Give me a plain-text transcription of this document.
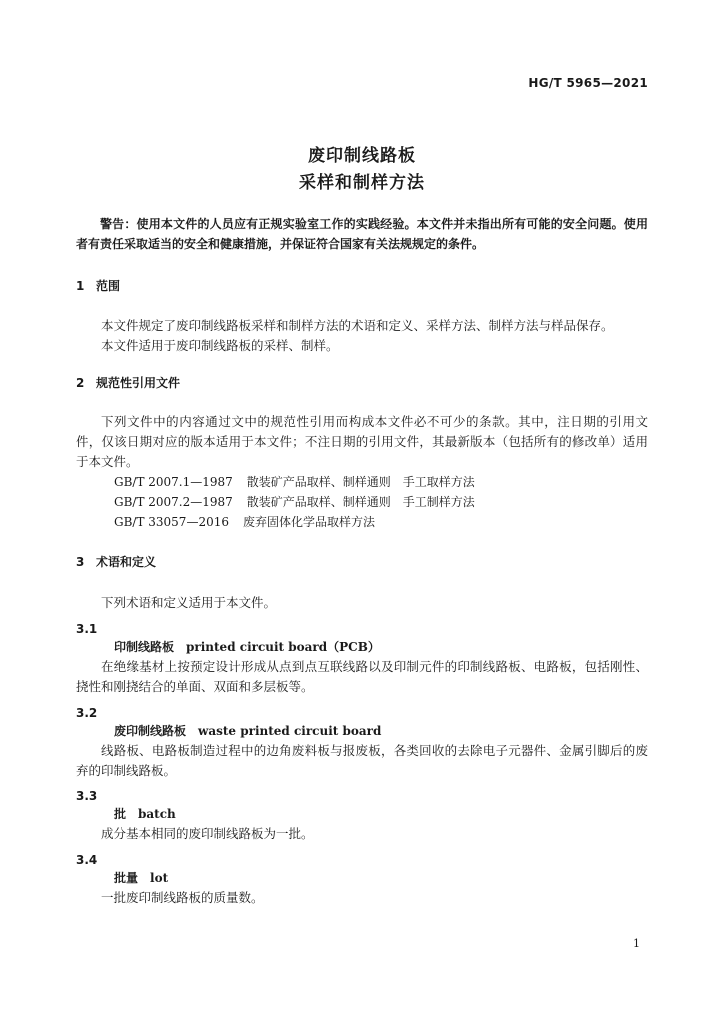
HG/T 5965—2021
废印制线路板
采样和制样方法
警告：使用本文件的人员应有正规实验室工作的实践经验。本文件并未指出所有可能的安全问题。使用者有责任采取适当的安全和健康措施，并保证符合国家有关法规规定的条件。
1 范围
本文件规定了废印制线路板采样和制样方法的术语和定义、采样方法、制样方法与样品保存。
本文件适用于废印制线路板的采样、制样。
2 规范性引用文件
下列文件中的内容通过文中的规范性引用而构成本文件必不可少的条款。其中，注日期的引用文件，仅该日期对应的版本适用于本文件；不注日期的引用文件，其最新版本（包括所有的修改单）适用于本文件。
GB/T 2007.1—1987 散装矿产品取样、制样通则　手工取样方法
GB/T 2007.2—1987 散装矿产品取样、制样通则　手工制样方法
GB/T 33057—2016 废弃固体化学品取样方法
3 术语和定义
下列术语和定义适用于本文件。
3.1
印制线路板 printed circuit board（PCB）
在绝缘基材上按预定设计形成从点到点互联线路以及印制元件的印制线路板、电路板，包括刚性、挠性和刚挠结合的单面、双面和多层板等。
3.2
废印制线路板 waste printed circuit board
线路板、电路板制造过程中的边角废料板与报废板，各类回收的去除电子元器件、金属引脚后的废弃的印制线路板。
3.3
批 batch
成分基本相同的废印制线路板为一批。
3.4
批量 lot
一批废印制线路板的质量数。
1
